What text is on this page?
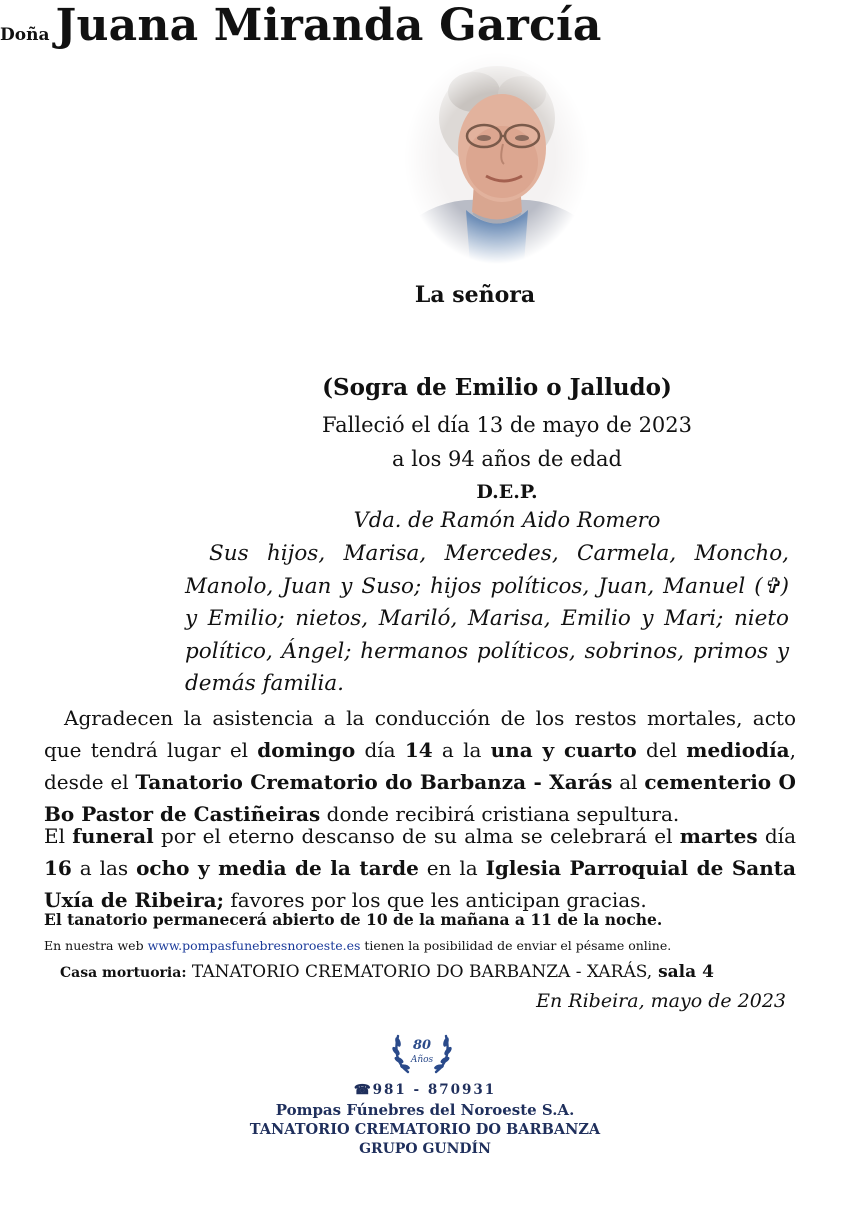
La señora
Doña Juana Miranda García
(Sogra de Emilio o Jalludo)
Falleció el día 13 de mayo de 2023
a los 94 años de edad
D.E.P.
Vda. de Ramón Aido Romero
Sus hijos, Marisa, Mercedes, Carmela, Moncho, Manolo, Juan y Suso; hijos políticos, Juan, Manuel (✞) y Emilio; nietos, Mariló, Marisa, Emilio y Mari; nieto político, Ángel; hermanos políticos, sobrinos, primos y demás familia.
Agradecen la asistencia a la conducción de los restos mortales, acto que tendrá lugar el domingo día 14 a la una y cuarto del mediodía, desde el Tanatorio Crematorio do Barbanza - Xarás al cementerio O Bo Pastor de Castiñeiras donde recibirá cristiana sepultura.
El funeral por el eterno descanso de su alma se celebrará el martes día 16 a las ocho y media de la tarde en la Iglesia Parroquial de Santa Uxía de Ribeira; favores por los que les anticipan gracias.
El tanatorio permanecerá abierto de 10 de la mañana a 11 de la noche.
En nuestra web www.pompasfunebresnoroeste.es tienen la posibilidad de enviar el pésame online.
Casa mortuoria: TANATORIO CREMATORIO DO BARBANZA - XARÁS, sala 4
En Ribeira, mayo de 2023
80
Años
☎981 - 870931
Pompas Fúnebres del Noroeste S.A.
TANATORIO CREMATORIO DO BARBANZA
GRUPO GUNDÍN
